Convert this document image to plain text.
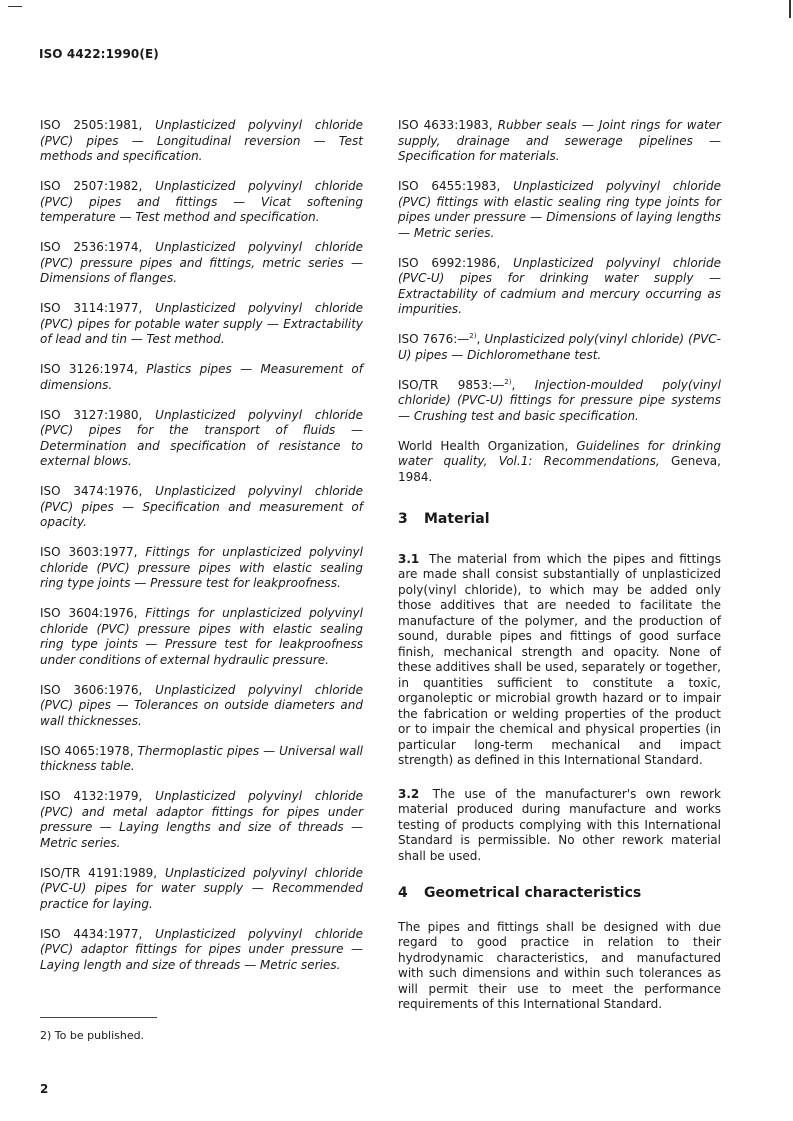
ISO 4422:1990(E)

ISO 2505:1981, Unplasticized polyvinyl chloride (PVC) pipes — Longitudinal reversion — Test methods and specification.

ISO 2507:1982, Unplasticized polyvinyl chloride (PVC) pipes and fittings — Vicat softening temperature — Test method and specification.

ISO 2536:1974, Unplasticized polyvinyl chloride (PVC) pressure pipes and fittings, metric series — Dimensions of flanges.

ISO 3114:1977, Unplasticized polyvinyl chloride (PVC) pipes for potable water supply — Extractability of lead and tin — Test method.

ISO 3126:1974, Plastics pipes — Measurement of dimensions.

ISO 3127:1980, Unplasticized polyvinyl chloride (PVC) pipes for the transport of fluids — Determination and specification of resistance to external blows.

ISO 3474:1976, Unplasticized polyvinyl chloride (PVC) pipes — Specification and measurement of opacity.

ISO 3603:1977, Fittings for unplasticized polyvinyl chloride (PVC) pressure pipes with elastic sealing ring type joints — Pressure test for leakproofness.

ISO 3604:1976, Fittings for unplasticized polyvinyl chloride (PVC) pressure pipes with elastic sealing ring type joints — Pressure test for leakproofness under conditions of external hydraulic pressure.

ISO 3606:1976, Unplasticized polyvinyl chloride (PVC) pipes — Tolerances on outside diameters and wall thicknesses.

ISO 4065:1978, Thermoplastic pipes — Universal wall thickness table.

ISO 4132:1979, Unplasticized polyvinyl chloride (PVC) and metal adaptor fittings for pipes under pressure — Laying lengths and size of threads — Metric series.

ISO/TR 4191:1989, Unplasticized polyvinyl chloride (PVC-U) pipes for water supply — Recommended practice for laying.

ISO 4434:1977, Unplasticized polyvinyl chloride (PVC) adaptor fittings for pipes under pressure — Laying length and size of threads — Metric series.

ISO 4633:1983, Rubber seals — Joint rings for water supply, drainage and sewerage pipelines — Specification for materials.

ISO 6455:1983, Unplasticized polyvinyl chloride (PVC) fittings with elastic sealing ring type joints for pipes under pressure — Dimensions of laying lengths — Metric series.

ISO 6992:1986, Unplasticized polyvinyl chloride (PVC-U) pipes for drinking water supply — Extractability of cadmium and mercury occurring as impurities.

ISO 7676:—$^{2)}$, Unplasticized poly(vinyl chloride) (PVC-U) pipes — Dichloromethane test.

ISO/TR 9853:—$^{2)}$, Injection-moulded poly(vinyl chloride) (PVC-U) fittings for pressure pipe systems — Crushing test and basic specification.

World Health Organization, Guidelines for drinking water quality, Vol.1: Recommendations, Geneva, 1984.

3 Material

3.1 The material from which the pipes and fittings are made shall consist substantially of unplasticized poly(vinyl chloride), to which may be added only those additives that are needed to facilitate the manufacture of the polymer, and the production of sound, durable pipes and fittings of good surface finish, mechanical strength and opacity. None of these additives shall be used, separately or together, in quantities sufficient to constitute a toxic, organoleptic or microbial growth hazard or to impair the fabrication or welding properties of the product or to impair the chemical and physical properties (in particular long-term mechanical and impact strength) as defined in this International Standard.

3.2 The use of the manufacturer's own rework material produced during manufacture and works testing of products complying with this International Standard is permissible. No other rework material shall be used.

4 Geometrical characteristics

The pipes and fittings shall be designed with due regard to good practice in relation to their hydrodynamic characteristics, and manufactured with such dimensions and within such tolerances as will permit their use to meet the performance requirements of this International Standard.

2) To be published.
2
